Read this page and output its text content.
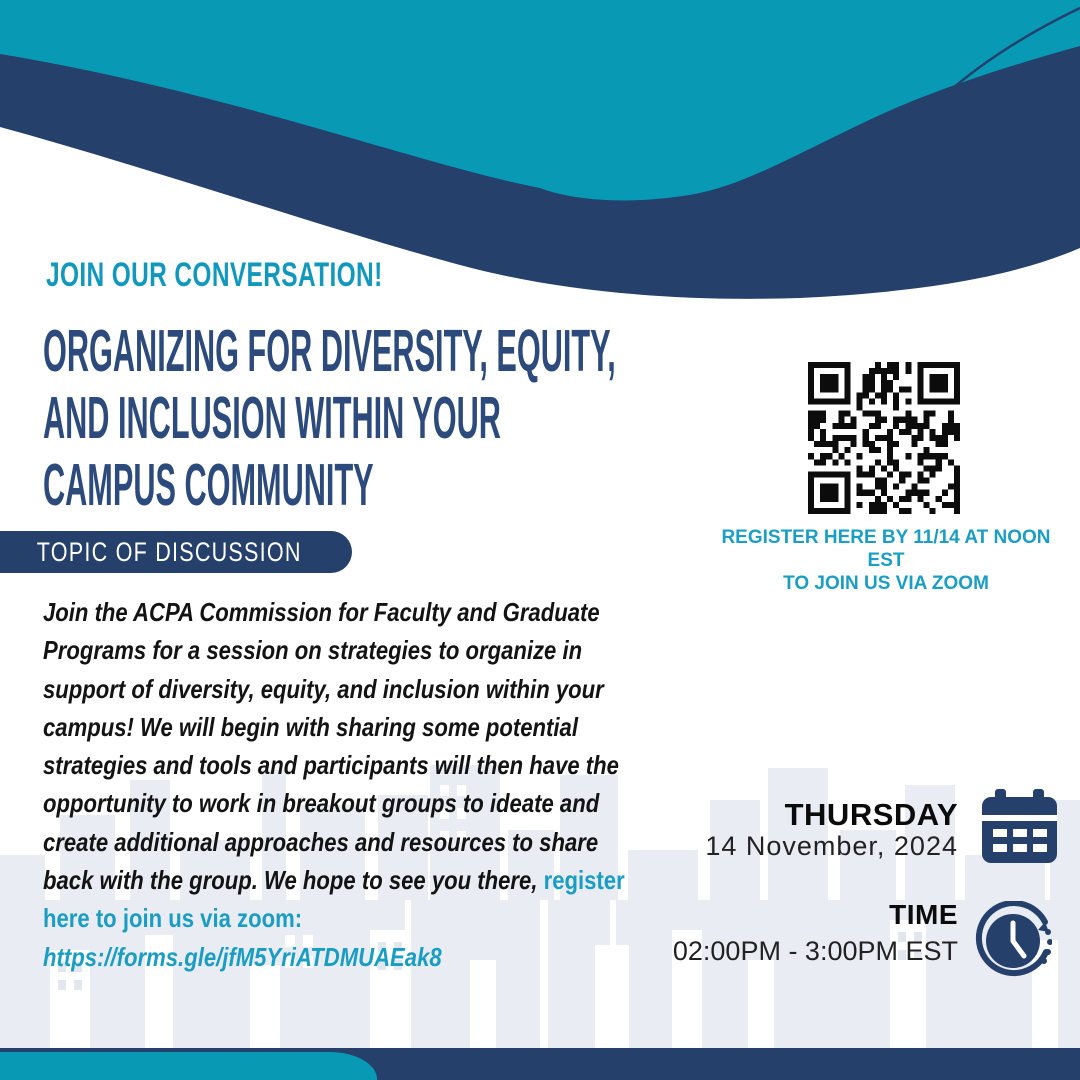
JOIN OUR CONVERSATION!
ORGANIZING FOR DIVERSITY, EQUITY,
AND INCLUSION WITHIN YOUR
CAMPUS COMMUNITY
TOPIC OF DISCUSSION

Join the ACPA Commission for Faculty and Graduate Programs for a session on strategies to organize in support of diversity, equity, and inclusion within your campus! We will begin with sharing some potential strategies and tools and participants will then have the opportunity to work in breakout groups to ideate and create additional approaches and resources to share back with the group. We hope to see you there, register here to join us via zoom: https://forms.gle/jfM5YriATDMUAEak8

REGISTER HERE BY 11/14 AT NOON EST
TO JOIN US VIA ZOOM
THURSDAY
14 November, 2024
TIME
02:00PM - 3:00PM EST
